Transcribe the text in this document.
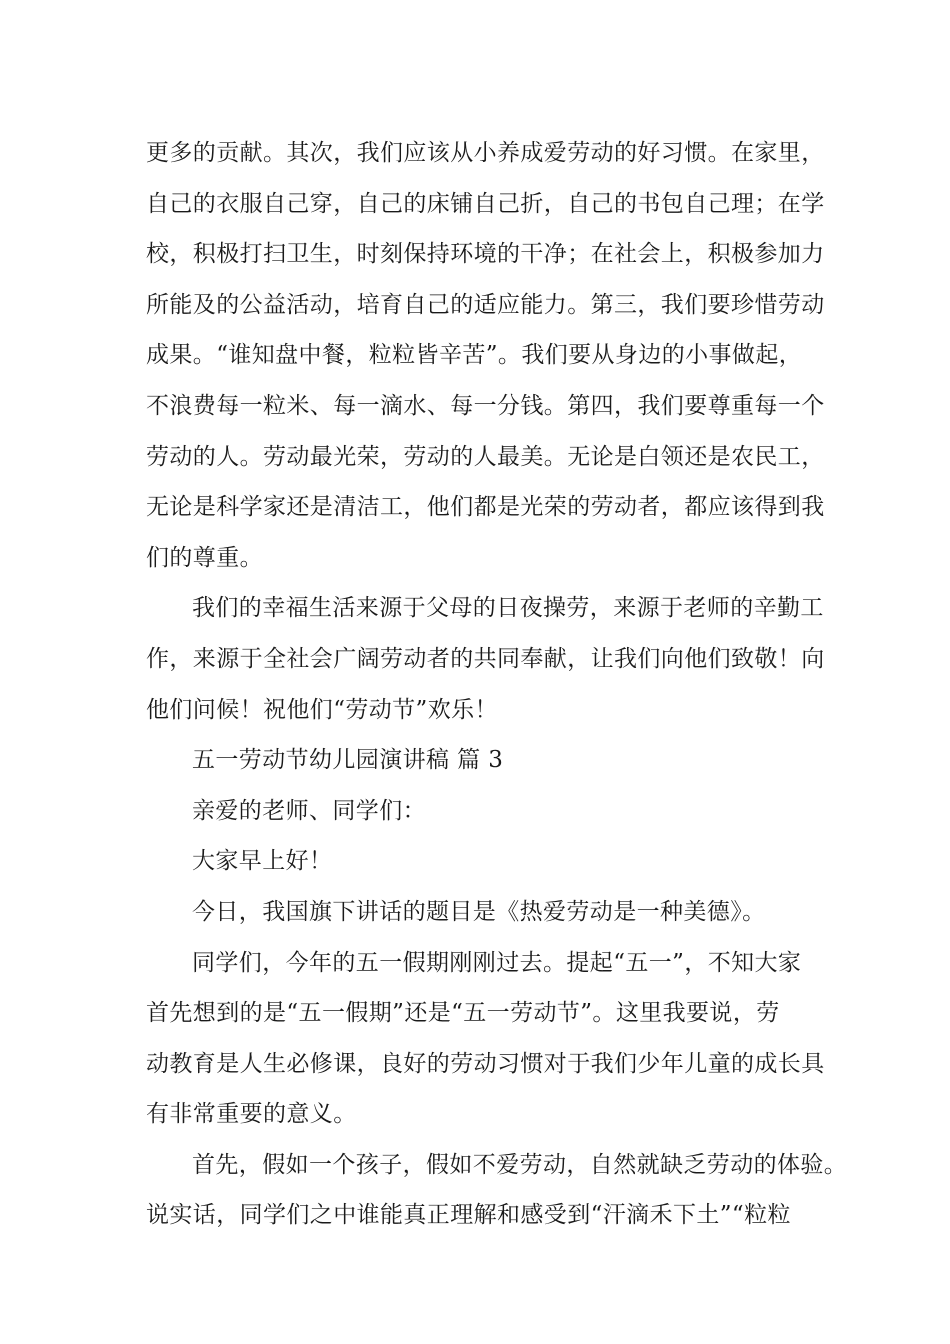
更多的贡献。其次，我们应该从小养成爱劳动的好习惯。在家里，
自己的衣服自己穿，自己的床铺自己折，自己的书包自己理；在学
校，积极打扫卫生，时刻保持环境的干净；在社会上，积极参加力
所能及的公益活动，培育自己的适应能力。第三，我们要珍惜劳动
成果。“谁知盘中餐，粒粒皆辛苦”。我们要从身边的小事做起，
不浪费每一粒米、每一滴水、每一分钱。第四，我们要尊重每一个
劳动的人。劳动最光荣，劳动的人最美。无论是白领还是农民工，
无论是科学家还是清洁工，他们都是光荣的劳动者，都应该得到我
们的尊重。
我们的幸福生活来源于父母的日夜操劳，来源于老师的辛勤工
作，来源于全社会广阔劳动者的共同奉献，让我们向他们致敬！向
他们问候！祝他们“劳动节”欢乐！
五一劳动节幼儿园演讲稿 篇 3
亲爱的老师、同学们：
大家早上好！
今日，我国旗下讲话的题目是《热爱劳动是一种美德》。
同学们，今年的五一假期刚刚过去。提起“五一”，不知大家
首先想到的是“五一假期”还是“五一劳动节”。这里我要说，劳
动教育是人生必修课，良好的劳动习惯对于我们少年儿童的成长具
有非常重要的意义。
首先，假如一个孩子，假如不爱劳动，自然就缺乏劳动的体验。
说实话，同学们之中谁能真正理解和感受到“汗滴禾下土”“粒粒
